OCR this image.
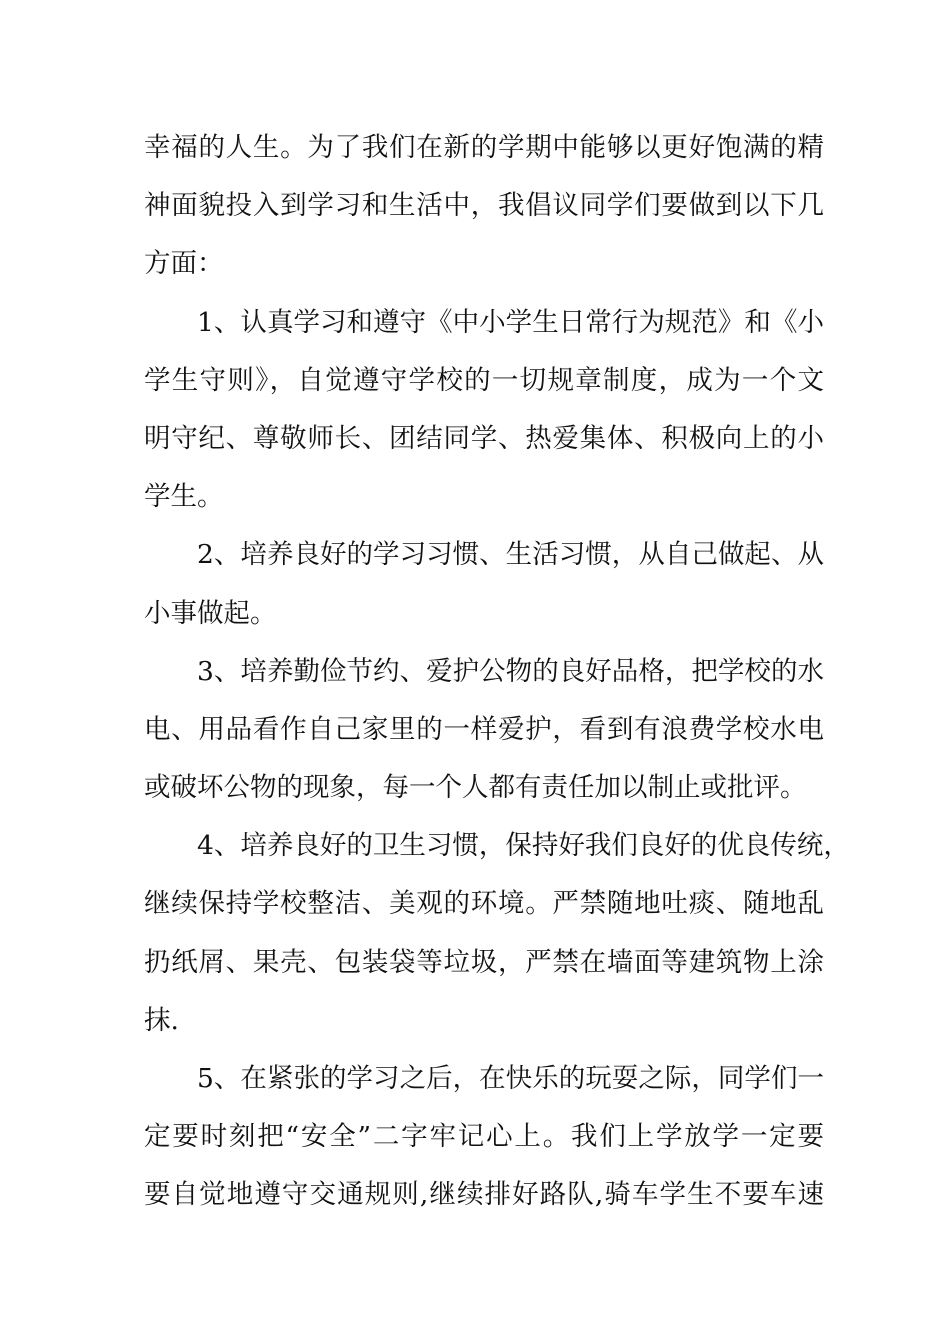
幸福的人生。为了我们在新的学期中能够以更好饱满的精
神面貌投入到学习和生活中，我倡议同学们要做到以下几
方面：
1、认真学习和遵守《中小学生日常行为规范》和《小
学生守则》，自觉遵守学校的一切规章制度，成为一个文
明守纪、尊敬师长、团结同学、热爱集体、积极向上的小
学生。
2、培养良好的学习习惯、生活习惯，从自己做起、从
小事做起。
3、培养勤俭节约、爱护公物的良好品格，把学校的水
电、用品看作自己家里的一样爱护，看到有浪费学校水电
或破坏公物的现象，每一个人都有责任加以制止或批评。
4、培养良好的卫生习惯，保持好我们良好的优良传统，
继续保持学校整洁、美观的环境。严禁随地吐痰、随地乱
扔纸屑、果壳、包装袋等垃圾，严禁在墙面等建筑物上涂
抹.
5、在紧张的学习之后，在快乐的玩耍之际，同学们一
定要时刻把“安全”二字牢记心上。我们上学放学一定要
要自觉地遵守交通规则,继续排好路队,骑车学生不要车速
